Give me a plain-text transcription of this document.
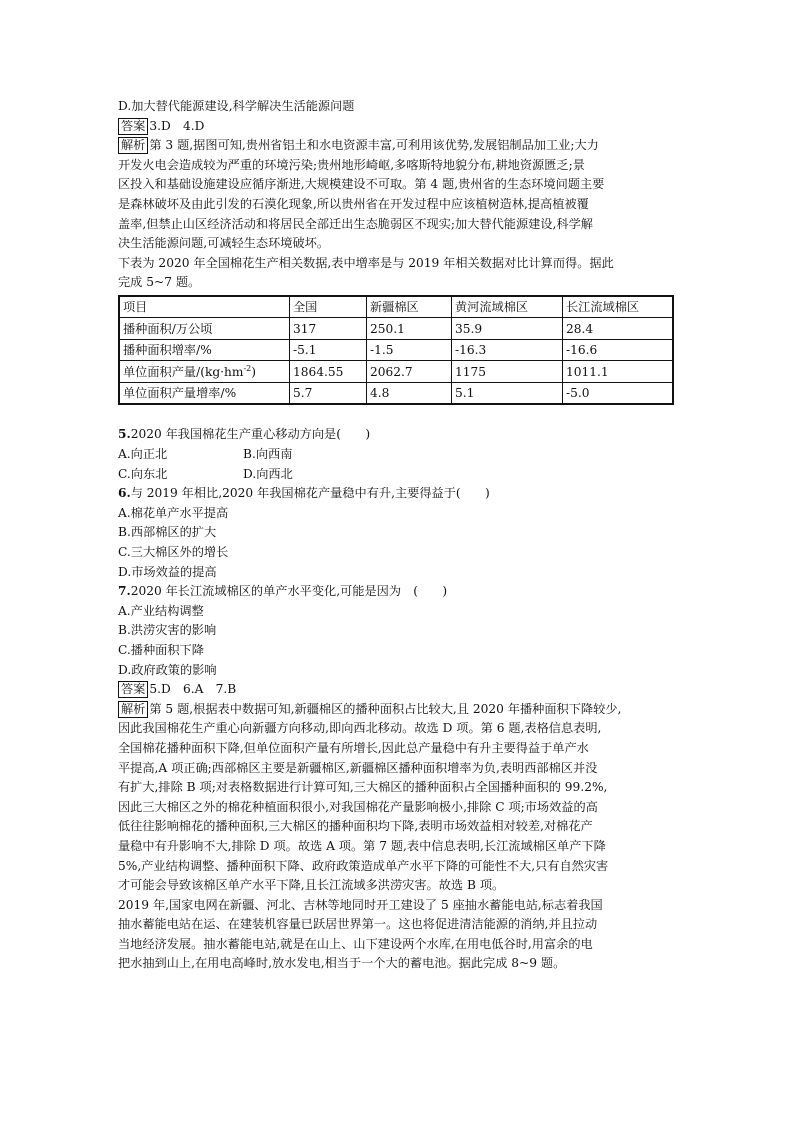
D.加大替代能源建设,科学解决生活能源问题

答案 3.D　4.D

解析 第 3 题,据图可知,贵州省铝土和水电资源丰富,可利用该优势,发展铝制品加工业;大力

开发火电会造成较为严重的环境污染;贵州地形崎岖,多喀斯特地貌分布,耕地资源匮乏;景

区投入和基础设施建设应循序渐进,大规模建设不可取。第 4 题,贵州省的生态环境问题主要

是森林破坏及由此引发的石漠化现象,所以贵州省在开发过程中应该植树造林,提高植被覆

盖率,但禁止山区经济活动和将居民全部迁出生态脆弱区不现实;加大替代能源建设,科学解

决生活能源问题,可减轻生态环境破坏。

下表为 2020 年全国棉花生产相关数据,表中增率是与 2019 年相关数据对比计算而得。据此

完成 5~7 题。

项目	全国	新疆棉区	黄河流域棉区	长江流域棉区
播种面积/万公顷	317	250.1	35.9	28.4
播种面积增率/%	-5.1	-1.5	-16.3	-16.6
单位面积产量$/(kg\cdot hm^{-2})$	1864.55	2062.7	1175	1011.1
单位面积产量增率/%	5.7	4.8	5.1	-5.0

5.2020 年我国棉花生产重心移动方向是(　　)

A.向正北	B.向西南
C.向东北	D.向西北

6.与 2019 年相比,2020 年我国棉花产量稳中有升,主要得益于(　　)

A.棉花单产水平提高

B.西部棉区的扩大

C.三大棉区外的增长

D.市场效益的提高

7.2020 年长江流域棉区的单产水平变化,可能是因为　(　　)

A.产业结构调整

B.洪涝灾害的影响

C.播种面积下降

D.政府政策的影响

答案 5.D　6.A　7.B

解析 第 5 题,根据表中数据可知,新疆棉区的播种面积占比较大,且 2020 年播种面积下降较少,

因此我国棉花生产重心向新疆方向移动,即向西北移动。故选 D 项。第 6 题,表格信息表明,

全国棉花播种面积下降,但单位面积产量有所增长,因此总产量稳中有升主要得益于单产水

平提高,A 项正确;西部棉区主要是新疆棉区,新疆棉区播种面积增率为负,表明西部棉区并没

有扩大,排除 B 项;对表格数据进行计算可知,三大棉区的播种面积占全国播种面积的 99.2%,

因此三大棉区之外的棉花种植面积很小,对我国棉花产量影响极小,排除 C 项;市场效益的高

低往往影响棉花的播种面积,三大棉区的播种面积均下降,表明市场效益相对较差,对棉花产

量稳中有升影响不大,排除 D 项。故选 A 项。第 7 题,表中信息表明,长江流域棉区单产下降

5%,产业结构调整、播种面积下降、政府政策造成单产水平下降的可能性不大,只有自然灾害

才可能会导致该棉区单产水平下降,且长江流域多洪涝灾害。故选 B 项。

2019 年,国家电网在新疆、河北、吉林等地同时开工建设了 5 座抽水蓄能电站,标志着我国

抽水蓄能电站在运、在建装机容量已跃居世界第一。这也将促进清洁能源的消纳,并且拉动

当地经济发展。抽水蓄能电站,就是在山上、山下建设两个水库,在用电低谷时,用富余的电

把水抽到山上,在用电高峰时,放水发电,相当于一个大的蓄电池。据此完成 8~9 题。
